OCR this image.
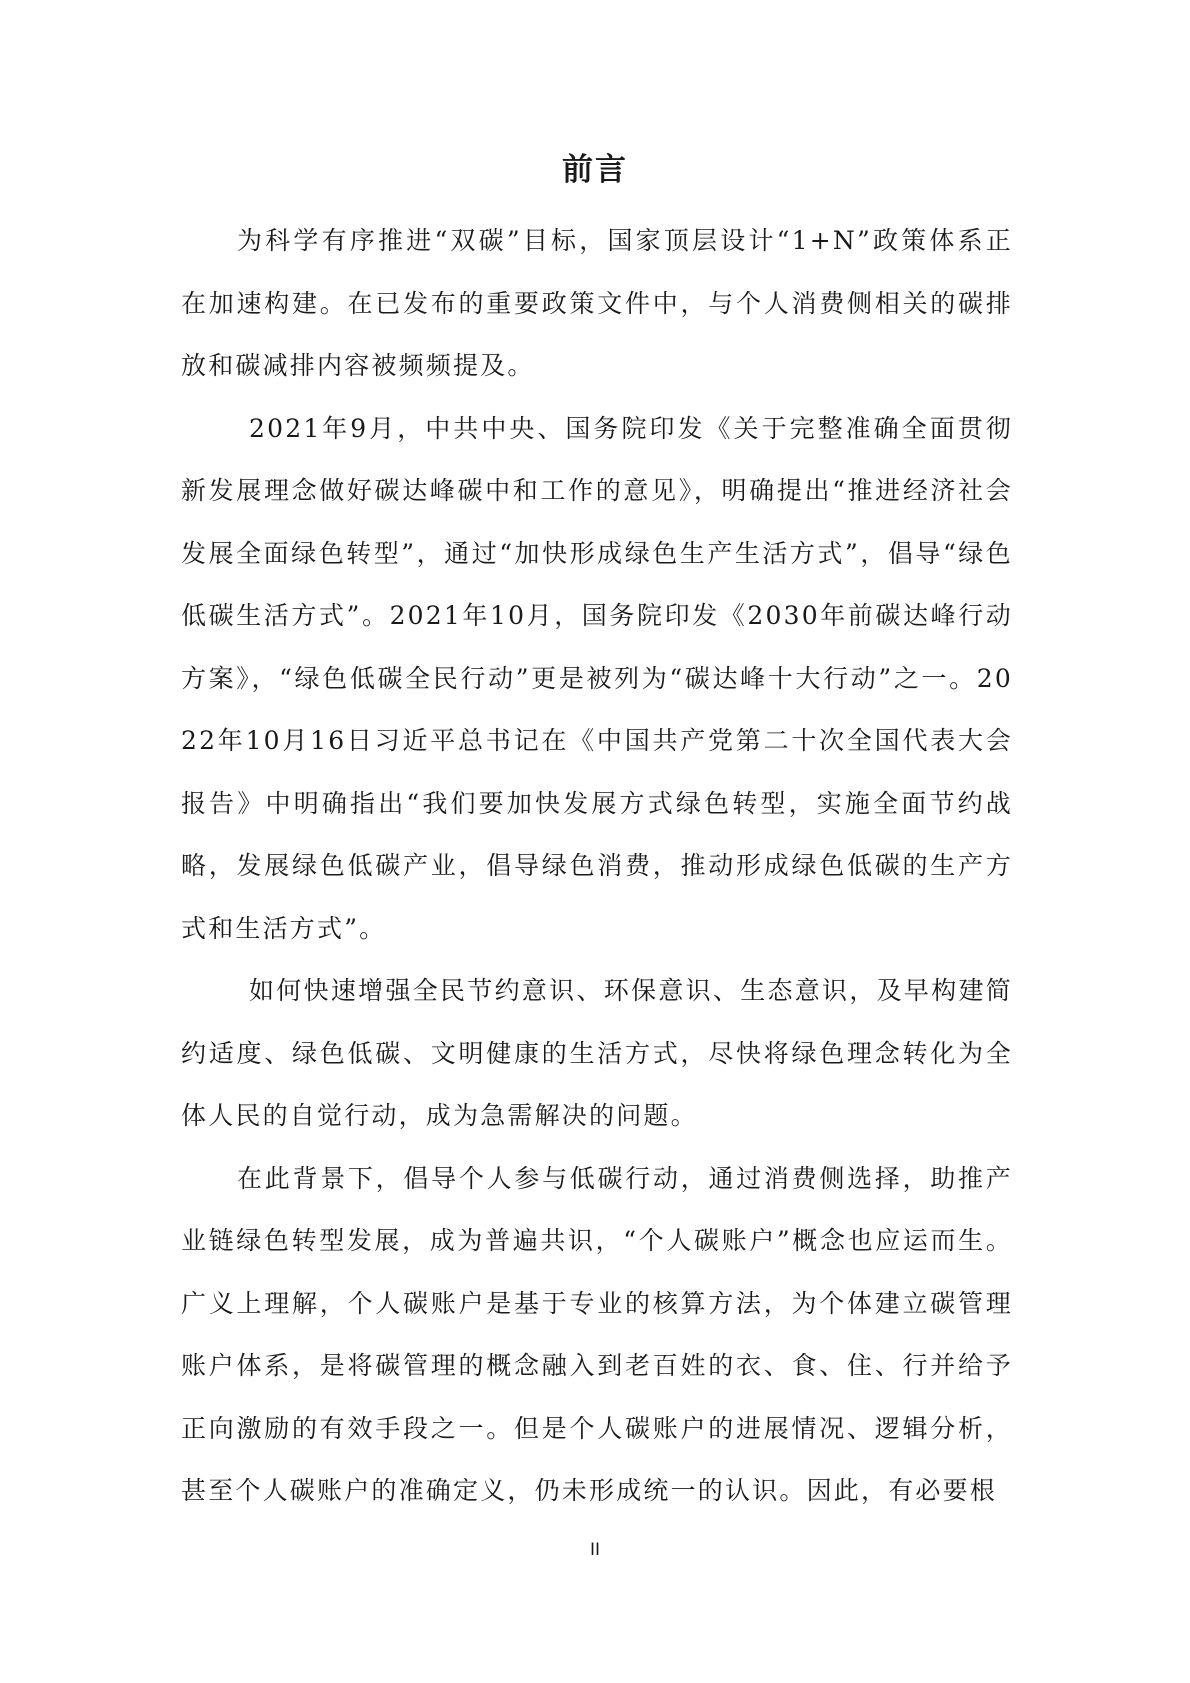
前言

为科学有序推进“双碳”目标，国家顶层设计“1+N”政策体系正在加速构建。在已发布的重要政策文件中，与个人消费侧相关的碳排放和碳减排内容被频频提及。

2021年9月，中共中央、国务院印发《关于完整准确全面贯彻新发展理念做好碳达峰碳中和工作的意见》，明确提出“推进经济社会发展全面绿色转型”，通过“加快形成绿色生产生活方式”，倡导“绿色低碳生活方式”。2021年10月，国务院印发《2030年前碳达峰行动方案》，“绿色低碳全民行动”更是被列为“碳达峰十大行动”之一。2022年10月16日习近平总书记在《中国共产党第二十次全国代表大会报告》中明确指出“我们要加快发展方式绿色转型，实施全面节约战略，发展绿色低碳产业，倡导绿色消费，推动形成绿色低碳的生产方式和生活方式”。

如何快速增强全民节约意识、环保意识、生态意识，及早构建简约适度、绿色低碳、文明健康的生活方式，尽快将绿色理念转化为全体人民的自觉行动，成为急需解决的问题。

在此背景下，倡导个人参与低碳行动，通过消费侧选择，助推产业链绿色转型发展，成为普遍共识，“个人碳账户”概念也应运而生。广义上理解，个人碳账户是基于专业的核算方法，为个体建立碳管理账户体系，是将碳管理的概念融入到老百姓的衣、食、住、行并给予正向激励的有效手段之一。但是个人碳账户的进展情况、逻辑分析，甚至个人碳账户的准确定义，仍未形成统一的认识。因此，有必要根

II
